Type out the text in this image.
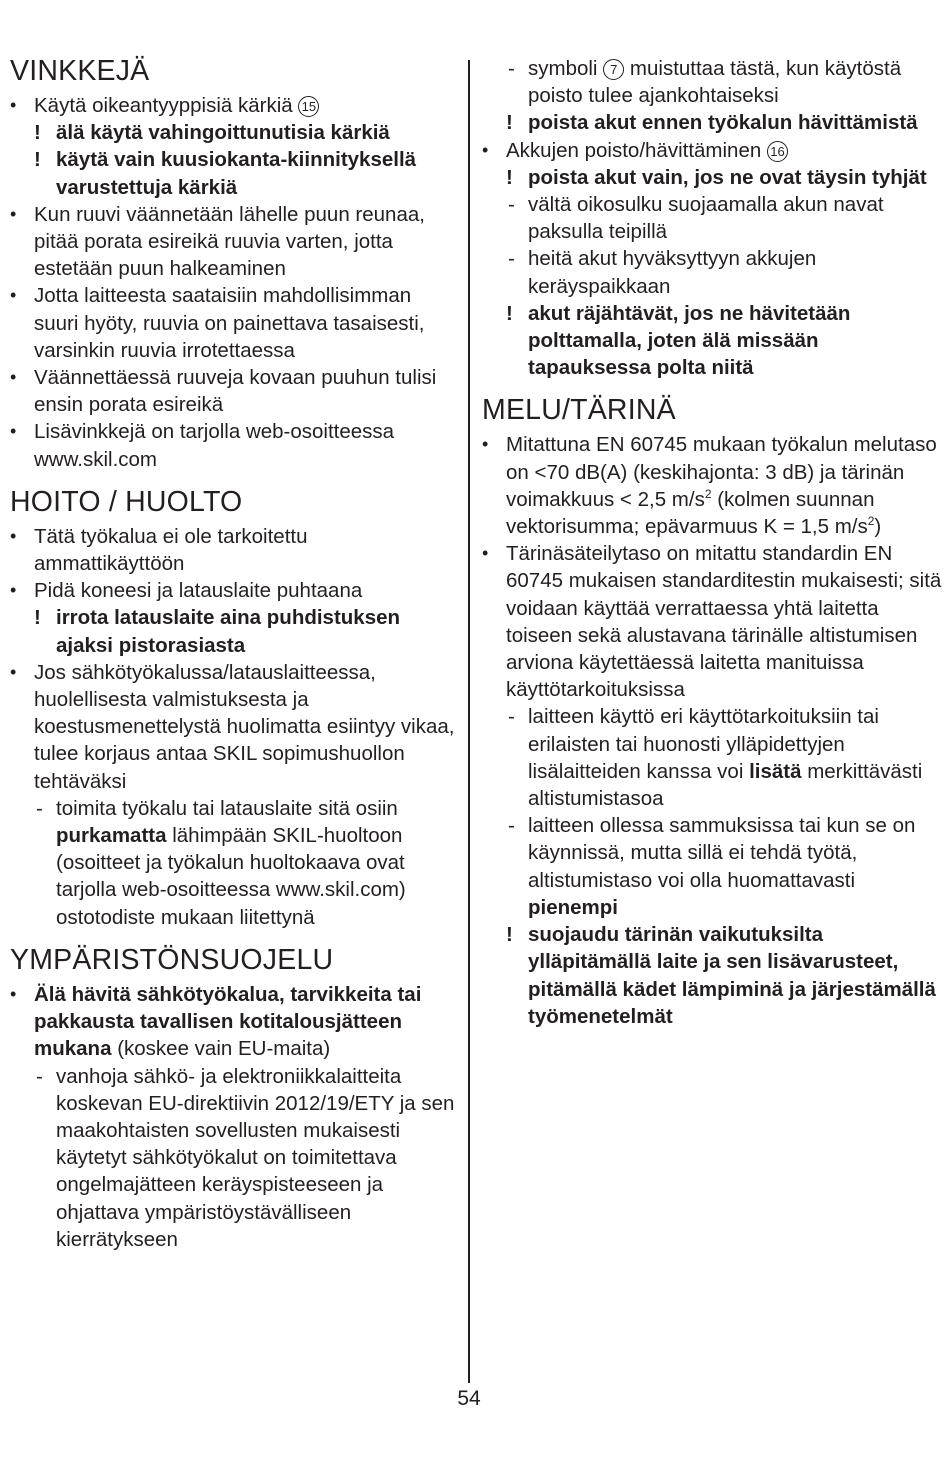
VINKKEJÄ
• Käytä oikeantyyppisiä kärkiä 15
! älä käytä vahingoittunutisia kärkiä
! käytä vain kuusiokanta-kiinnityksellä varustettuja kärkiä
• Kun ruuvi väännetään lähelle puun reunaa, pitää porata esireikä ruuvia varten, jotta estetään puun halkeaminen
• Jotta laitteesta saataisiin mahdollisimman suuri hyöty, ruuvia on painettava tasaisesti, varsinkin ruuvia irrotettaessa
• Väännettäessä ruuveja kovaan puuhun tulisi ensin porata esireikä
• Lisävinkkejä on tarjolla web-osoitteessa www.skil.com
HOITO / HUOLTO
• Tätä työkalua ei ole tarkoitettu ammattikäyttöön
• Pidä koneesi ja latauslaite puhtaana
! irrota latauslaite aina puhdistuksen ajaksi pistorasiasta
• Jos sähkötyökalussa/latauslaitteessa, huolellisesta valmistuksesta ja koestusmenettelystä huolimatta esiintyy vikaa, tulee korjaus antaa SKIL sopimushuollon tehtäväksi
- toimita työkalu tai latauslaite sitä osiin purkamatta lähimpään SKIL-huoltoon (osoitteet ja työkalun huoltokaava ovat tarjolla web-osoitteessa www.skil.com)
ostotodiste mukaan liitettynä
YMPÄRISTÖNSUOJELU
• Älä hävitä sähkötyökalua, tarvikkeita tai pakkausta tavallisen kotitalousjätteen mukana (koskee vain EU-maita)
- vanhoja sähkö- ja elektroniikkalaitteita koskevan EU-direktiivin 2012/19/ETY ja sen maakohtaisten sovellusten mukaisesti käytetyt sähkötyökalut on toimitettava ongelmajätteen keräyspisteeseen ja ohjattava ympäristöystävälliseen kierrätykseen
- symboli 7 muistuttaa tästä, kun käytöstä poisto tulee ajankohtaiseksi
! poista akut ennen työkalun hävittämistä
• Akkujen poisto/hävittäminen 16
! poista akut vain, jos ne ovat täysin tyhjät
- vältä oikosulku suojaamalla akun navat paksulla teipillä
- heitä akut hyväksyttyyn akkujen keräyspaikkaan
! akut räjähtävät, jos ne hävitetään polttamalla, joten älä missään tapauksessa polta niitä
MELU/TÄRINÄ
• Mitattuna EN 60745 mukaan työkalun melutaso on <70 dB(A) (keskihajonta: 3 dB) ja tärinän voimakkuus < 2,5 $m/s^2$ (kolmen suunnan vektorisumma; epävarmuus K = 1,5 $m/s^2$)
• Tärinäsäteilytaso on mitattu standardin EN 60745 mukaisen standarditestin mukaisesti; sitä voidaan käyttää verrattaessa yhtä laitetta toiseen sekä alustavana tärinälle altistumisen arviona käytettäessä laitetta manituissa käyttötarkoituksissa
- laitteen käyttö eri käyttötarkoituksiin tai erilaisten tai huonosti ylläpidettyjen lisälaitteiden kanssa voi lisätä merkittävästi altistumistasoa
- laitteen ollessa sammuksissa tai kun se on käynnissä, mutta sillä ei tehdä työtä, altistumistaso voi olla huomattavasti pienempi
! suojaudu tärinän vaikutuksilta ylläpitämällä laite ja sen lisävarusteet, pitämällä kädet lämpiminä ja järjestämällä työmenetelmät
54
